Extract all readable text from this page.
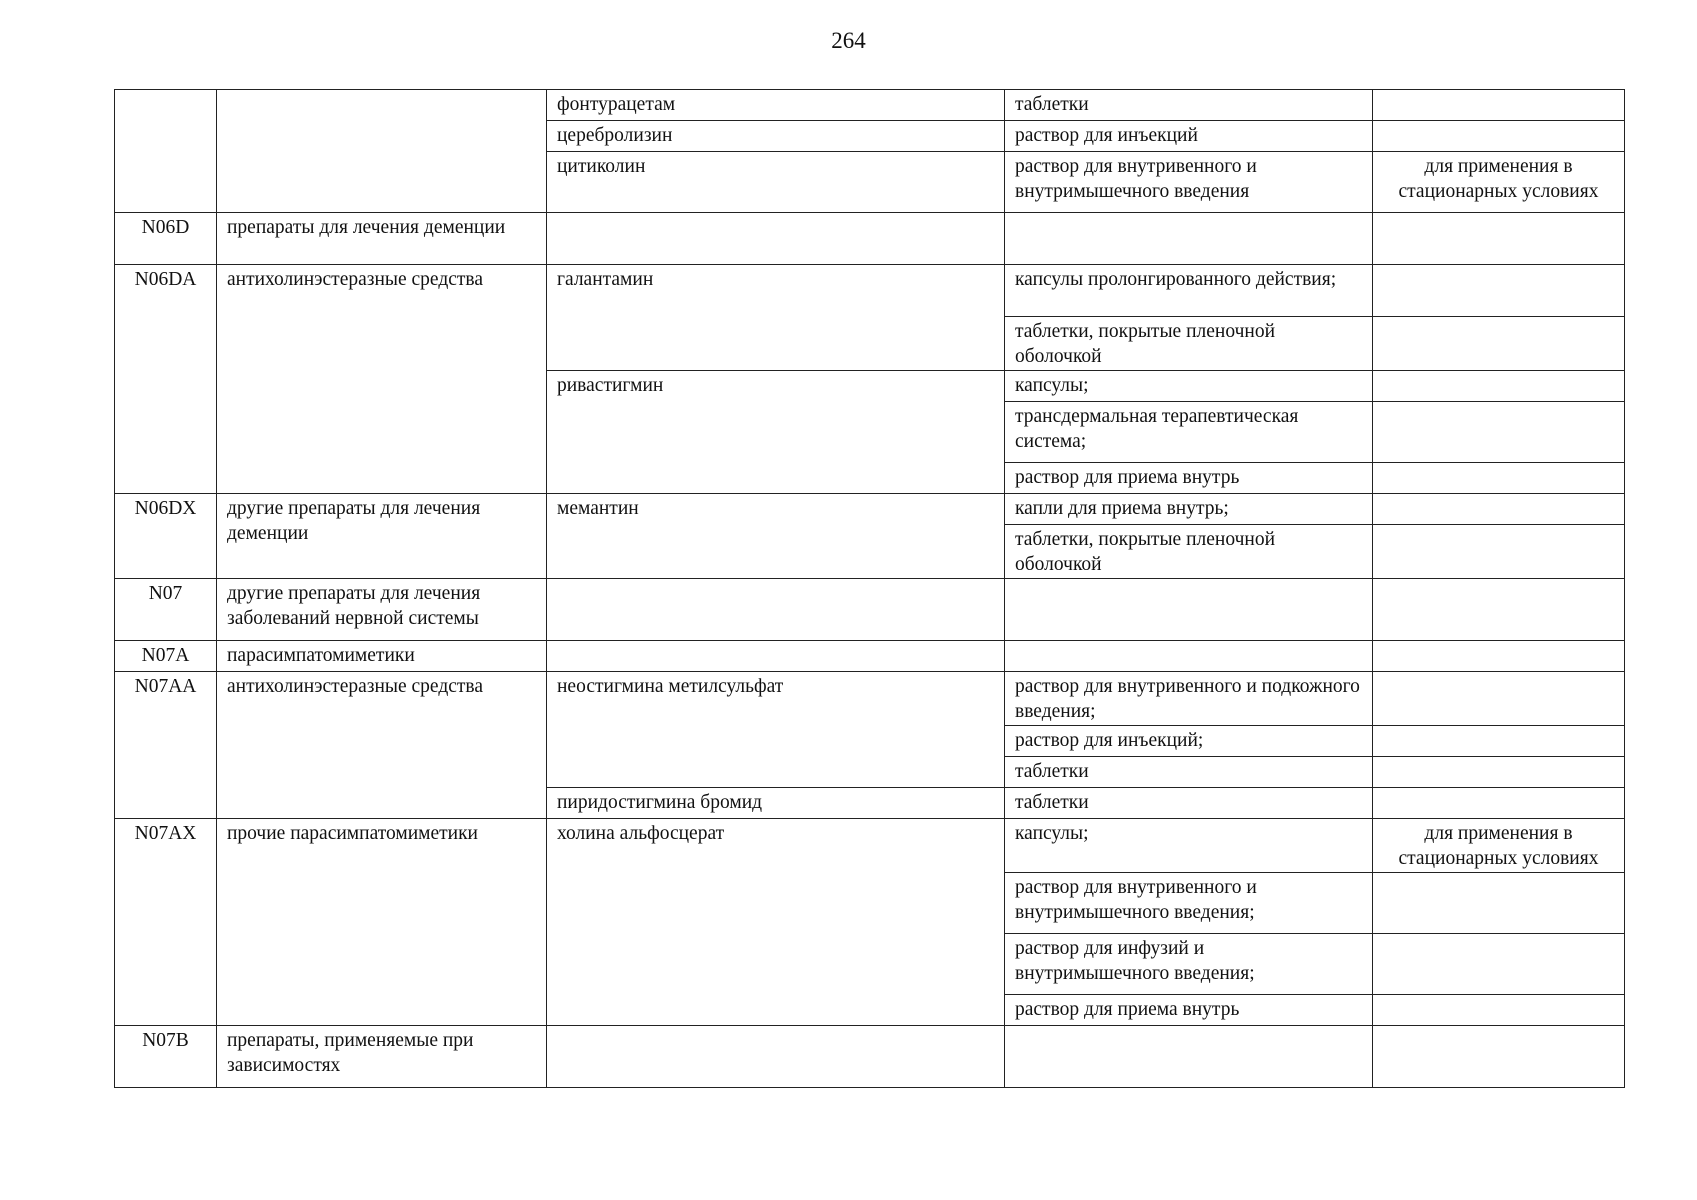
264
		фонтурацетам	таблетки	
		церебролизин	раствор для инъекций	
		цитиколин	раствор для внутривенного и внутримышечного введения	для применения в стационарных условиях
N06D	препараты для лечения деменции			
N06DA	антихолинэстеразные средства	галантамин	капсулы пролонгированного действия;	
			таблетки, покрытые пленочной оболочкой	
		ривастигмин	капсулы;	
			трансдермальная терапевтическая система;	
			раствор для приема внутрь	
N06DX	другие препараты для лечения деменции	мемантин	капли для приема внутрь;	
			таблетки, покрытые пленочной оболочкой	
N07	другие препараты для лечения заболеваний нервной системы			
N07A	парасимпатомиметики			
N07AA	антихолинэстеразные средства	неостигмина метилсульфат	раствор для внутривенного и подкожного введения;	
			раствор для инъекций;	
			таблетки	
		пиридостигмина бромид	таблетки	
N07AX	прочие парасимпатомиметики	холина альфосцерат	капсулы;	для применения в стационарных условиях
			раствор для внутривенного и внутримышечного введения;	
			раствор для инфузий и внутримышечного введения;	
			раствор для приема внутрь	
N07B	препараты, применяемые при зависимостях			
